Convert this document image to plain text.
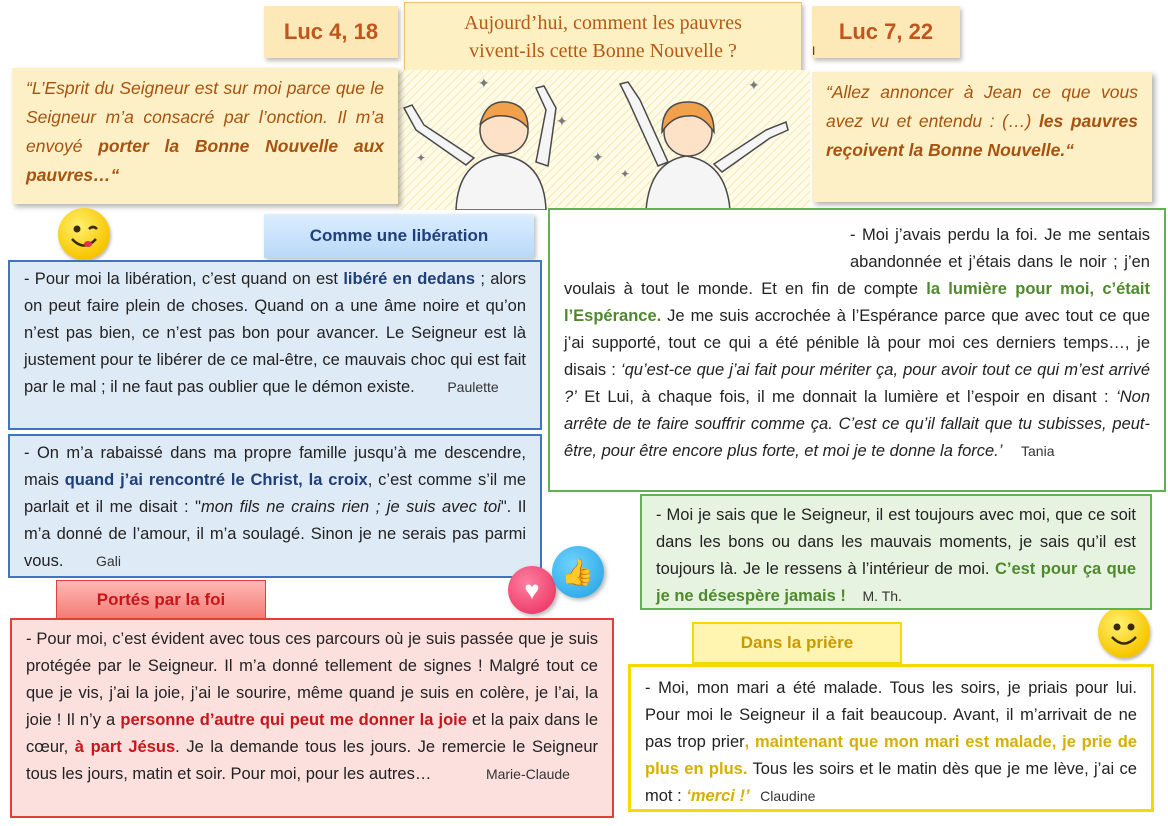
Luc 4, 18	Aujourd’hui, comment les pauvres
vivent-ils cette Bonne Nouvelle ?
Luc 7, 22
I
✦
✦
✦
✦
✦
✦
“L’Esprit du Seigneur est sur moi parce que le Seigneur m’a consacré par l’onction. Il m’a envoyé porter la Bonne Nouvelle aux pauvres…“
“Allez annoncer à Jean ce que vous avez vu et entendu : (…) les pauvres reçoivent la Bonne Nouvelle.“
Comme une libération
Portés par la foi
Dans la prière
- Pour moi la libération, c’est quand on est libéré en dedans ; alors on peut faire plein de choses. Quand on a une âme noire et qu’on n’est pas bien, ce n’est pas bon pour avancer. Le Seigneur est là justement pour te libérer de ce mal-être, ce mauvais choc qui est fait par le mal ; il ne faut pas oublier que le démon existe. Paulette
- On m’a rabaissé dans ma propre famille jusqu’à me descendre, mais quand j’ai rencontré le Christ, la croix, c’est comme s’il me parlait et il me disait : "mon fils ne crains rien ; je suis avec toi". Il m’a donné de l’amour, il m’a soulagé. Sinon je ne serais pas parmi vous. Gali
- Moi j’avais perdu la foi. Je me sentais abandonnée et j’étais dans le noir ; j’en voulais à tout le monde. Et en fin de compte la lumière pour moi, c’était l’Espérance. Je me suis accrochée à l’Espérance parce que avec tout ce que j’ai supporté, tout ce qui a été pénible là pour moi ces derniers temps…, je disais : ‘qu’est-ce que j’ai fait pour mériter ça, pour avoir tout ce qui m’est arrivé ?’ Et Lui, à chaque fois, il me donnait la lumière et l’espoir en disant : ‘Non arrête de te faire souffrir comme ça. C’est ce qu’il fallait que tu subisses, peut-être, pour être encore plus forte, et moi je te donne la force.’ Tania
- Moi je sais que le Seigneur, il est toujours avec moi, que ce soit dans les bons ou dans les mauvais moments, je sais qu’il est toujours là. Je le ressens à l’intérieur de moi. C’est pour ça que je ne désespère jamais ! M. Th.
♥
👍
- Pour moi, c’est évident avec tous ces parcours où je suis passée que je suis protégée par le Seigneur. Il m’a donné tellement de signes ! Malgré tout ce que je vis, j’ai la joie, j’ai le sourire, même quand je suis en colère, je l’ai, la joie ! Il n’y a personne d’autre qui peut me donner la joie et la paix dans le cœur, à part Jésus. Je la demande tous les jours. Je remercie le Seigneur tous les jours, matin et soir. Pour moi, pour les autres…	Marie-Claude
- Moi, mon mari a été malade. Tous les soirs, je priais pour lui. Pour moi le Seigneur il a fait beaucoup. Avant, il m’arrivait de ne pas trop prier, maintenant que mon mari est malade, je prie de plus en plus. Tous les soirs et le matin dès que je me lève, j’ai ce mot : ‘merci !’ Claudine
